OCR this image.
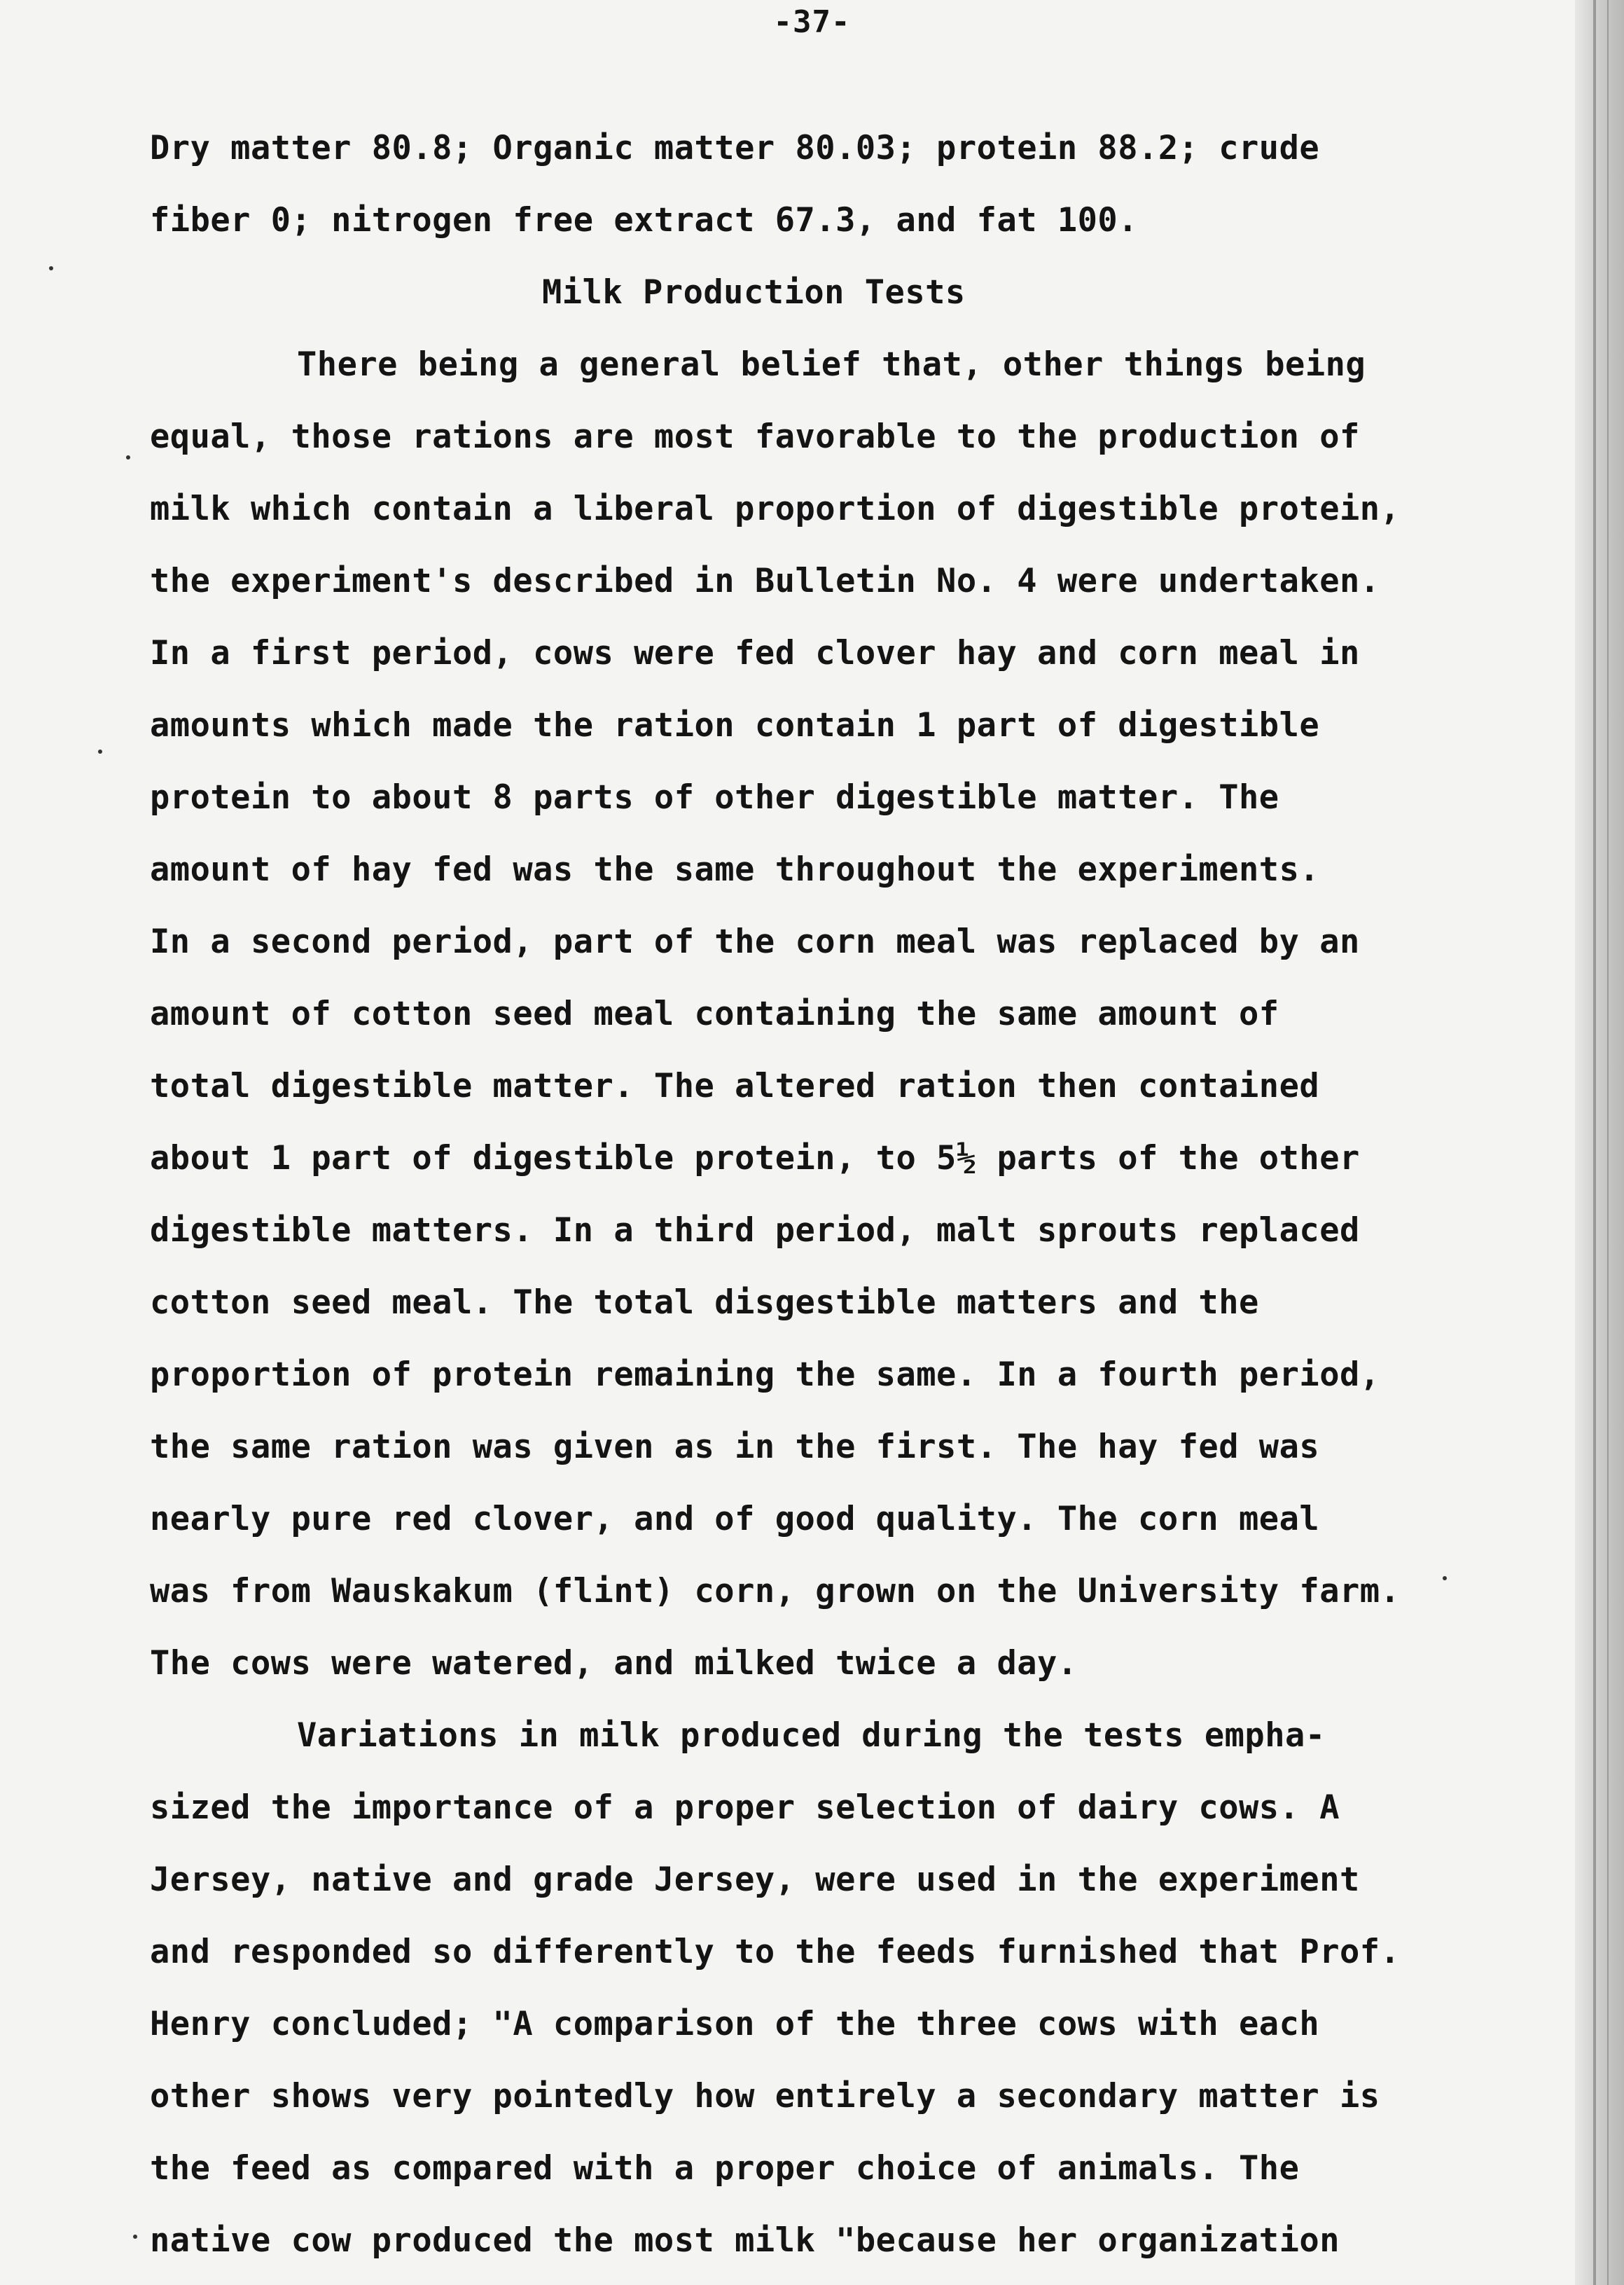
-37-
Dry matter 80.8; Organic matter 80.03; protein 88.2; crude
fiber 0; nitrogen free extract 67.3, and fat 100.
Milk Production Tests
There being a general belief that, other things being
equal, those rations are most favorable to the production of
milk which contain a liberal proportion of digestible protein,
the experiment's described in Bulletin No. 4 were undertaken.
In a first period, cows were fed clover hay and corn meal in
amounts which made the ration contain 1 part of digestible
protein to about 8 parts of other digestible matter. The
amount of hay fed was the same throughout the experiments.
In a second period, part of the corn meal was replaced by an
amount of cotton seed meal containing the same amount of
total digestible matter. The altered ration then contained
about 1 part of digestible protein, to 5½ parts of the other
digestible matters. In a third period, malt sprouts replaced
cotton seed meal. The total disgestible matters and the
proportion of protein remaining the same. In a fourth period,
the same ration was given as in the first. The hay fed was
nearly pure red clover, and of good quality. The corn meal
was from Wauskakum (flint) corn, grown on the University farm.
The cows were watered, and milked twice a day.
Variations in milk produced during the tests empha-
sized the importance of a proper selection of dairy cows. A
Jersey, native and grade Jersey, were used in the experiment
and responded so differently to the feeds furnished that Prof.
Henry concluded; "A comparison of the three cows with each
other shows very pointedly how entirely a secondary matter is
the feed as compared with a proper choice of animals. The
native cow produced the most milk "because her organization
